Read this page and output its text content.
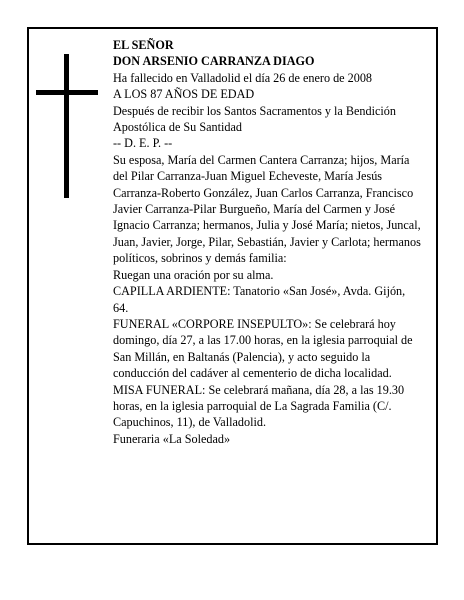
EL SEÑOR

DON ARSENIO CARRANZA DIAGO

Ha fallecido en Valladolid el día 26 de enero de 2008

A LOS 87 AÑOS DE EDAD

Después de recibir los Santos Sacramentos y la Bendición Apostólica de Su Santidad

-- D. E. P. --

Su esposa, María del Carmen Cantera Carranza; hijos, María del Pilar Carranza-Juan Miguel Echeveste, María Jesús Carranza-Roberto González, Juan Carlos Carranza, Francisco Javier Carranza-Pilar Burgueño, María del Carmen y José Ignacio Carranza; hermanos, Julia y José María; nietos, Juncal, Juan, Javier, Jorge, Pilar, Sebastián, Javier y Carlota; hermanos políticos, sobrinos y demás familia:

Ruegan una oración por su alma.

CAPILLA ARDIENTE: Tanatorio «San José», Avda. Gijón, 64.

FUNERAL «CORPORE INSEPULTO»: Se celebrará hoy domingo, día 27, a las 17.00 horas, en la iglesia parroquial de San Millán, en Baltanás (Palencia), y acto seguido la conducción del cadáver al cementerio de dicha localidad.

MISA FUNERAL: Se celebrará mañana, día 28, a las 19.30 horas, en la iglesia parroquial de La Sagrada Familia (C/. Capuchinos, 11), de Valladolid.

Funeraria «La Soledad»
